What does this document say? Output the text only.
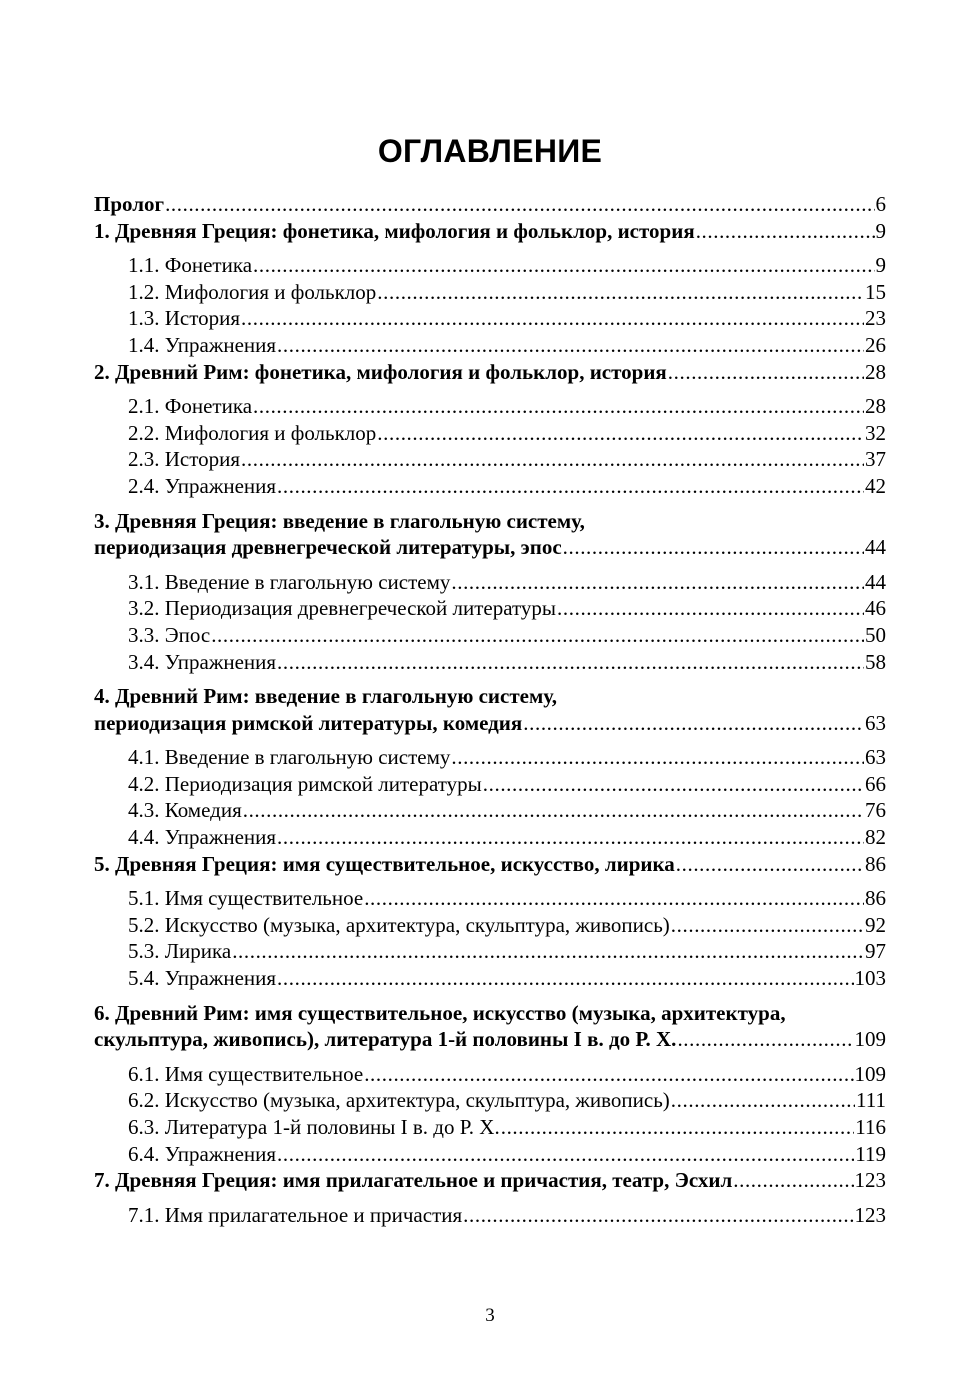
ОГЛАВЛЕНИЕ
Пролог .....	6
1. Древняя Греция: фонетика, мифология и фольклор, история .....	9
1.1. Фонетика .....	9
1.2. Мифология и фольклор .....	15
1.3. История .....	23
1.4. Упражнения .....	26
2. Древний Рим: фонетика, мифология и фольклор, история .....	28
2.1. Фонетика .....	28
2.2. Мифология и фольклор .....	32
2.3. История .....	37
2.4. Упражнения .....	42
3. Древняя Греция: введение в глагольную систему,
периодизация древнегреческой литературы, эпос .....	44
3.1. Введение в глагольную систему .....	44
3.2. Периодизация древнегреческой литературы .....	46
3.3. Эпос .....	50
3.4. Упражнения .....	58
4. Древний Рим: введение в глагольную систему,
периодизация римской литературы, комедия .....	63
4.1. Введение в глагольную систему .....	63
4.2. Периодизация римской литературы .....	66
4.3. Комедия .....	76
4.4. Упражнения .....	82
5. Древняя Греция: имя существительное, искусство, лирика .....	86
5.1. Имя существительное .....	86
5.2. Искусство (музыка, архитектура, скульптура, живопись) .....	92
5.3. Лирика .....	97
5.4. Упражнения .....	103
6. Древний Рим: имя существительное, искусство (музыка, архитектура,
скульптура, живопись), литература 1-й половины I в. до Р. Х. .....	109
6.1. Имя существительное .....	109
6.2. Искусство (музыка, архитектура, скульптура, живопись) .....	111
6.3. Литература 1-й половины I в. до Р. Х. .....	116
6.4. Упражнения .....	119
7. Древняя Греция: имя прилагательное и причастия, театр, Эсхил .....	123
7.1. Имя прилагательное и причастия .....	123
3
